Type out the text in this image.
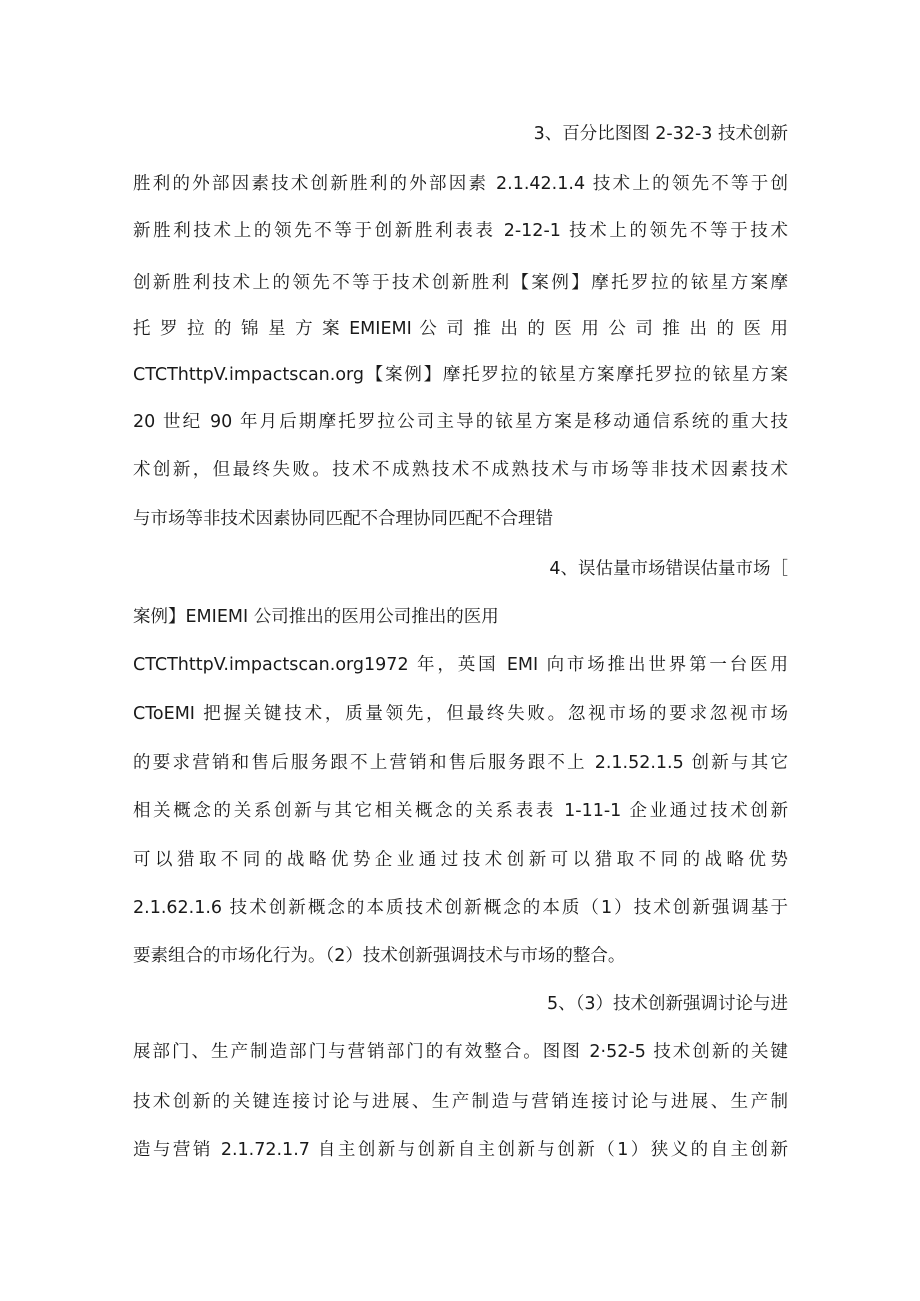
3、百分比图图 2-32-3 技术创新
胜利的外部因素技术创新胜利的外部因素 2.1.42.1.4 技术上的领先不等于创
新胜利技术上的领先不等于创新胜利表表 2-12-1 技术上的领先不等于技术
创新胜利技术上的领先不等于技术创新胜利【案例】摩托罗拉的铱星方案摩
托 罗 拉 的 锦 星 方 案 EMIEMI 公 司 推 出 的 医 用 公 司 推 出 的 医 用
CTCThttpV.impactscan.org【案例】摩托罗拉的铱星方案摩托罗拉的铱星方案
20 世纪 90 年月后期摩托罗拉公司主导的铱星方案是移动通信系统的重大技
术创新，但最终失败。技术不成熟技术不成熟技术与市场等非技术因素技术
与市场等非技术因素协同匹配不合理协同匹配不合理错
4、误估量市场错误估量市场［
案例】EMIEMI 公司推出的医用公司推出的医用
CTCThttpV.impactscan.org1972 年，英国 EMI 向市场推出世界第一台医用
CToEMI 把握关键技术，质量领先，但最终失败。忽视市场的要求忽视市场
的要求营销和售后服务跟不上营销和售后服务跟不上 2.1.52.1.5 创新与其它
相关概念的关系创新与其它相关概念的关系表表 1-11-1 企业通过技术创新
可以猎取不同的战略优势企业通过技术创新可以猎取不同的战略优势
2.1.62.1.6 技术创新概念的本质技术创新概念的本质（1）技术创新强调基于
要素组合的市场化行为。（2）技术创新强调技术与市场的整合。
5、（3）技术创新强调讨论与进
展部门、生产制造部门与营销部门的有效整合。图图 2·52-5 技术创新的关键
技术创新的关键连接讨论与进展、生产制造与营销连接讨论与进展、生产制
造与营销 2.1.72.1.7 自主创新与创新自主创新与创新（1）狭义的自主创新
